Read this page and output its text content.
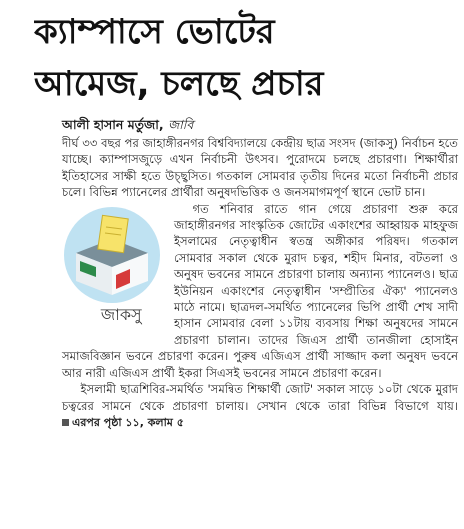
ক্যাম্পাসে ভোটের
আমেজ, চলছে প্রচার
আলী হাসান মর্তুজা, জাবি

দীর্ঘ ৩৩ বছর পর জাহাঙ্গীরনগর বিশ্ববিদ্যালয়ে কেন্দ্রীয় ছাত্র সংসদ (জাকসু) নির্বাচন হতে যাচ্ছে। ক্যাম্পাসজুড়ে এখন নির্বাচনী উৎসব। পুরোদমে চলছে প্রচারণা। শিক্ষার্থীরা ইতিহাসের সাক্ষী হতে উচ্ছ্বসিত। গতকাল সোমবার তৃতীয় দিনের মতো নির্বাচনী প্রচার চলে। বিভিন্ন প্যানেলের প্রার্থীরা অনুষদভিত্তিক ও জনসমাগমপূর্ণ স্থানে ভোট চান।

জাকসু
গত শনিবার রাতে গান গেয়ে প্রচারণা শুরু করে জাহাঙ্গীরনগর সাংস্কৃতিক জোটের একাংশের আহ্বায়ক মাহফুজ ইসলামের নেতৃত্বাধীন স্বতন্ত্র অঙ্গীকার পরিষদ। গতকাল সোমবার সকাল থেকে মুরাদ চত্বর, শহীদ মিনার, বটতলা ও অনুষদ ভবনের সামনে প্রচারণা চালায় অন্যান্য প্যানেলও। ছাত্র ইউনিয়ন একাংশের নেতৃত্বাধীন 'সম্প্রীতির ঐক্য' প্যানেলও মাঠে নামে। ছাত্রদল-সমর্থিত প্যানেলের ভিপি প্রার্থী শেখ সাদী হাসান সোমবার বেলা ১১টায় ব্যবসায় শিক্ষা অনুষদের সামনে প্রচারণা চালান। তাদের জিএস প্রার্থী তানজীলা হোসাইন সমাজবিজ্ঞান ভবনে প্রচারণা করেন। পুরুষ এজিএস প্রার্থী সাজ্জাদ কলা অনুষদ ভবনে আর নারী এজিএস প্রার্থী ইকরা সিএসই ভবনের সামনে প্রচারণা করেন।

ইসলামী ছাত্রশিবির-সমর্থিত 'সমন্বিত শিক্ষার্থী জোট' সকাল সাড়ে ১০টা থেকে মুরাদ চত্বরের সামনে থেকে প্রচারণা চালায়। সেখান থেকে তারা বিভিন্ন বিভাগে যায়। এরপর পৃষ্ঠা ১১, কলাম ৫
